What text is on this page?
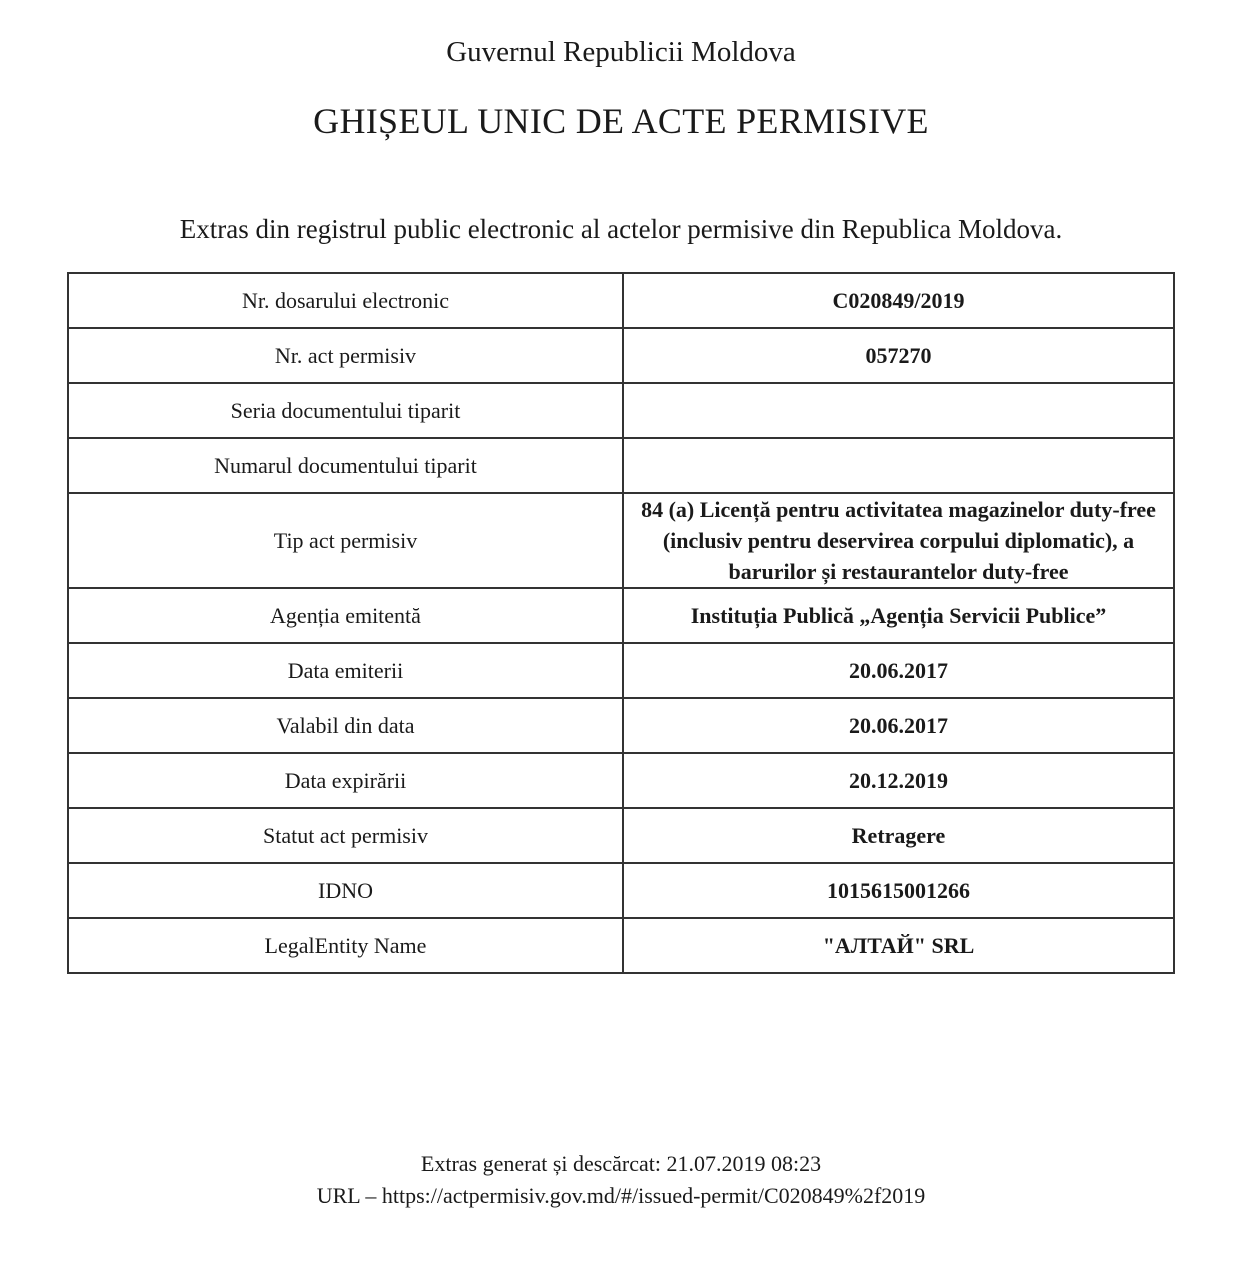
Guvernul Republicii Moldova
GHIȘEUL UNIC DE ACTE PERMISIVE
Extras din registrul public electronic al actelor permisive din Republica Moldova.
Nr. dosarului electronic	C020849/2019
Nr. act permisiv	057270
Seria documentului tiparit	
Numarul documentului tiparit	
Tip act permisiv	84 (a) Licență pentru activitatea magazinelor duty-free (inclusiv pentru deservirea corpului diplomatic), a barurilor și restaurantelor duty-free
Agenția emitentă	Instituția Publică „Agenția Servicii Publice”
Data emiterii	20.06.2017
Valabil din data	20.06.2017
Data expirării	20.12.2019
Statut act permisiv	Retragere
IDNO	1015615001266
LegalEntity Name	"АЛТАЙ" SRL
Extras generat și descărcat: 21.07.2019 08:23
URL – https://actpermisiv.gov.md/#/issued-permit/C020849%2f2019
